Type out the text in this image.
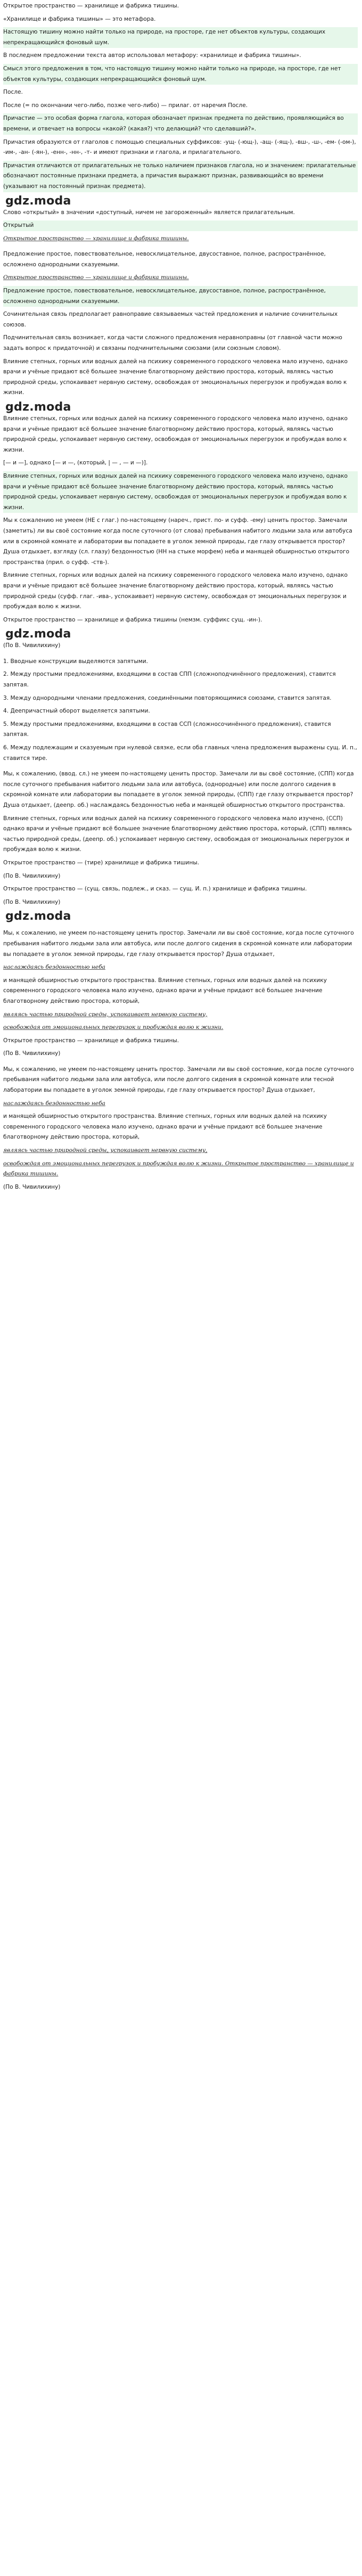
Открытое пространство — хранилище и фабрика тишины.
«Хранилище и фабрика тишины» — это метафора.
Настоящую тишину можно найти только на природе, на просторе, где нет объектов культуры, создающих непрекращающийся фоновый шум.
В последнем предложении текста автор использовал метафору: «хранилище и фабрика тишины».
Смысл этого предложения в том, что настоящую тишину можно найти только на природе, на просторе, где нет объектов культуры, создающих непрекращающийся фоновый шум.
После.
После (= по окончании чего-либо, позже чего-либо) — прилаг. от наречия После.
Причастие — это особая форма глагола, которая обозначает признак предмета по действию, проявляющийся во времени, и отвечает на вопросы «какой? (какая?) что делающий? что сделавший?».
Причастия образуются от глаголов с помощью специальных суффиксов: -ущ- (-ющ-), -ащ- (-ящ-), -вш-, -ш-, -ем- (-ом-), -им-, -ан- (-ян-), -енн-, -нн-, -т- и имеют признаки и глагола, и прилагательного.
Причастия отличаются от прилагательных не только наличием признаков глагола, но и значением: прилагательные обозначают постоянные признаки предмета, а причастия выражают признак, развивающийся во времени (указывают на постоянный признак предмета).
gdz.moda
Слово «открытый» в значении «доступный, ничем не загороженный» является прилагательным.
Открытый
Открытое пространство — хранилище и фабрика тишины.
Предложение простое, повествовательное, невосклицательное, двусоставное, полное, распространённое, осложнено однородными сказуемыми.
Открытое пространство — хранилище и фабрика тишины.
Предложение простое, повествовательное, невосклицательное, двусоставное, полное, распространённое, осложнено однородными сказуемыми.
Сочинительная связь предполагает равноправие связываемых частей предложения и наличие сочинительных союзов.
Подчинительная связь возникает, когда части сложного предложения неравноправны (от главной части можно задать вопрос к придаточной) и связаны подчинительными союзами (или союзным словом).
Влияние степных, горных или водных далей на психику современного городского человека мало изучено, однако врачи и учёные придают всё большее значение благотворному действию простора, который, являясь частью природной среды, успокаивает нервную систему, освобождая от эмоциональных перегрузок и пробуждая волю к жизни.
gdz.moda
Влияние степных, горных или водных далей на психику современного городского человека мало изучено, однако врачи и учёные придают всё большее значение благотворному действию простора, который, являясь частью природной среды, успокаивает нервную систему, освобождая от эмоциональных перегрузок и пробуждая волю к жизни.
[— и —], однако [— и —, (который, | — , — и —)].
Влияние степных, горных или водных далей на психику современного городского человека мало изучено, однако врачи и учёные придают всё большее значение благотворному действию простора, который, являясь частью природной среды, успокаивает нервную систему, освобождая от эмоциональных перегрузок и пробуждая волю к жизни.
Мы к сожалению не умеем (НЕ с глаг.) по-настоящему (нареч., прист. по- и суфф. -ему) ценить простор. Замечали (заметить) ли вы своё состояние когда после суточного (от слова) пребывания набитого людьми зала или автобуса или в скромной комнате и лаборатории вы попадаете в уголок земной природы, где глазу открывается простор? Душа отдыхает, взгляду (сл. глазу) бездонностью (НН на стыке морфем) неба и манящей обширностью открытого пространства (прил. о суфф. -ств-).
Влияние степных, горных или водных далей на психику современного городского человека мало изучено, однако врачи и учёные придают всё большее значение благотворному действию простора, который, являясь частью природной среды (суфф. глаг. -ива-, успокаивает) нервную систему, освобождая от эмоциональных перегрузок и пробуждая волю к жизни.
Открытое пространство — хранилище и фабрика тишины (немзм. суффикс сущ. -ин-).
gdz.moda
(По В. Чивилихину)
1. Вводные конструкции выделяются запятыми.
2. Между простыми предложениями, входящими в состав СПП (сложноподчинённого предложения), ставится запятая.
3. Между однородными членами предложения, соединёнными повторяющимися союзами, ставится запятая.
4. Деепричастный оборот выделяется запятыми.
5. Между простыми предложениями, входящими в состав ССП (сложносочинённого предложения), ставится запятая.
6. Между подлежащим и сказуемым при нулевой связке, если оба главных члена предложения выражены сущ. И. п., ставится тире.
Мы, к сожалению, (ввод. сл.) не умеем по-настоящему ценить простор. Замечали ли вы своё состояние, (СПП) когда после суточного пребывания набитого людьми зала или автобуса, (однородные) или после долгого сидения в скромной комнате или лаборатории вы попадаете в уголок земной природы, (СПП) где глазу открывается простор? Душа отдыхает, (деепр. об.) наслаждаясь бездонностью неба и манящей обширностью открытого пространства.
Влияние степных, горных или водных далей на психику современного городского человека мало изучено, (ССП) однако врачи и учёные придают всё большее значение благотворному действию простора, который, (СПП) являясь частью природной среды, (деепр. об.) успокаивает нервную систему, освобождая от эмоциональных перегрузок и пробуждая волю к жизни.
Открытое пространство — (тире) хранилище и фабрика тишины.
(По В. Чивилихину)
Открытое пространство — (сущ. связь, подлеж., и сказ. — сущ. И. п.) хранилище и фабрика тишины.
(По В. Чивилихину)
gdz.moda
Мы, к сожалению, не умеем по-настоящему ценить простор. Замечали ли вы своё состояние, когда после суточного пребывания набитого людьми зала или автобуса, или после долгого сидения в скромной комнате или лаборатории вы попадаете в уголок земной природы, где глазу открывается простор? Душа отдыхает,
наслаждаясь бездонностью неба
и манящей обширностью открытого пространства. Влияние степных, горных или водных далей на психику современного городского человека мало изучено, однако врачи и учёные придают всё большее значение благотворному действию простора, который,
являясь частью природной среды, успокаивает нервную систему,
освобождая от эмоциональных перегрузок и пробуждая волю к жизни.
Открытое пространство — хранилище и фабрика тишины.
(По В. Чивилихину)
Мы, к сожалению, не умеем по-настоящему ценить простор. Замечали ли вы своё состояние, когда после суточного пребывания набитого людьми зала или автобуса, или после долгого сидения в скромной комнате или тесной лаборатории вы попадаете в уголок земной природы, где глазу открывается простор? Душа отдыхает,
наслаждаясь бездонностью неба
и манящей обширностью открытого пространства. Влияние степных, горных или водных далей на психику современного городского человека мало изучено, однако врачи и учёные придают всё большее значение благотворному действию простора, который,
являясь частью природной среды, успокаивает нервную систему,
освобождая от эмоциональных перегрузок и пробуждая волю к жизни. Открытое пространство — хранилище и фабрика тишины.
(По В. Чивилихину)
